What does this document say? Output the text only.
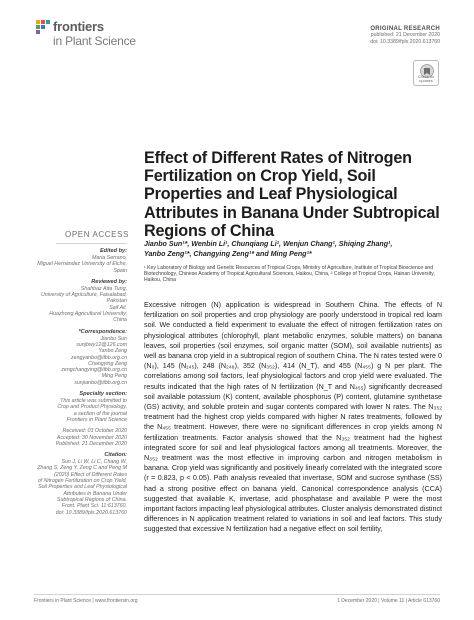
frontiers
in Plant Science
ORIGINAL RESEARCH
published: 21 December 2020
doi: 10.3389/fpls.2020.613760
Check for updates
Effect of Different Rates of Nitrogen Fertilization on Crop Yield, Soil Properties and Leaf Physiological Attributes in Banana Under Subtropical Regions of China
OPEN ACCESS
Edited by:
Maria Serrano,
Miguel Hernández University of Elche,
Spain
Reviewed by:
Shahbaz Atta Tung,
University of Agriculture, Faisalabad,
Pakistan
Saif Ali,
Huazhong Agricultural University,
China
*Correspondence:
Jianbo Sun
sunjbwy12@126.com
Yanbo Zeng
zengyanbo@itbb.org.cn
Changying Zeng
zengchangying@itbb.org.cn
Ming Peng
sunjianbo@itbb.org.cn
Specialty section:
This article was submitted to
Crop and Product Physiology,
a section of the journal
Frontiers in Plant Science
Received: 03 October 2020
Accepted: 30 November 2020
Published: 21 December 2020
Citation:
Sun J, Li W, Li C, Chang W,
Zhang S, Zeng Y, Zeng C and Peng M
(2020) Effect of Different Rates
of Nitrogen Fertilization on Crop Yield,
Soil Properties and Leaf Physiological
Attributes in Banana Under
Subtropical Regions of China.
Front. Plant Sci. 11:613760.
doi: 10.3389/fpls.2020.613760
Jianbo Sun¹*, Wenbin Li¹, Chunqiang Li¹, Wenjun Chang¹, Shiqing Zhang¹,
Yanbo Zeng¹*, Changying Zeng¹* and Ming Peng¹*
¹ Key Laboratory of Biology and Genetic Resources of Tropical Crops, Ministry of Agriculture, Institute of Tropical Bioscience and Biotechnology, Chinese Academy of Tropical Agricultural Sciences, Haikou, China, ² College of Tropical Crops, Hainan University, Haikou, China

Excessive nitrogen (N) application is widespread in Southern China. The effects of N fertilization on soil properties and crop physiology are poorly understood in tropical red loam soil. We conducted a field experiment to evaluate the effect of nitrogen fertilization rates on physiological attributes (chlorophyll, plant metabolic enzymes, soluble matters) on banana leaves, soil properties (soil enzymes, soil organic matter (SOM), soil available nutrients) as well as banana crop yield in a subtropical region of southern China. The N rates tested were 0 (N₀), 145 (N₁₄₅), 248 (N₂₄₈), 352 (N₃₅₂), 414 (N_T), and 455 (N₄₅₅) g N per plant. The correlations among soil factors, leaf physiological factors and crop yield were evaluated. The results indicated that the high rates of N fertilization (N_T and N₄₅₅) significantly decreased soil available potassium (K) content, available phosphorus (P) content, glutamine synthetase (GS) activity, and soluble protein and sugar contents compared with lower N rates. The N₃₅₂ treatment had the highest crop yields compared with higher N rates treatments, followed by the N₄₅₅ treatment. However, there were no significant differences in crop yields among N fertilization treatments. Factor analysis showed that the N₃₅₂ treatment had the highest integrated score for soil and leaf physiological factors among all treatments. Moreover, the N₃₅₂ treatment was the most effective in improving carbon and nitrogen metabolism in banana. Crop yield was significantly and positively linearly correlated with the integrated score (r = 0.823, p < 0.05). Path analysis revealed that invertase, SOM and sucrose synthase (SS) had a strong positive effect on banana yield. Canonical correspondence analysis (CCA) suggested that available K, invertase, acid phosphatase and available P were the most important factors impacting leaf physiological attributes. Cluster analysis demonstrated distinct differences in N application treatment related to variations in soil and leaf factors. This study suggested that excessive N fertilization had a negative effect on soil fertility,

Frontiers in Plant Science | www.frontiersin.org	1 December 2020 | Volume 11 | Article 613760
